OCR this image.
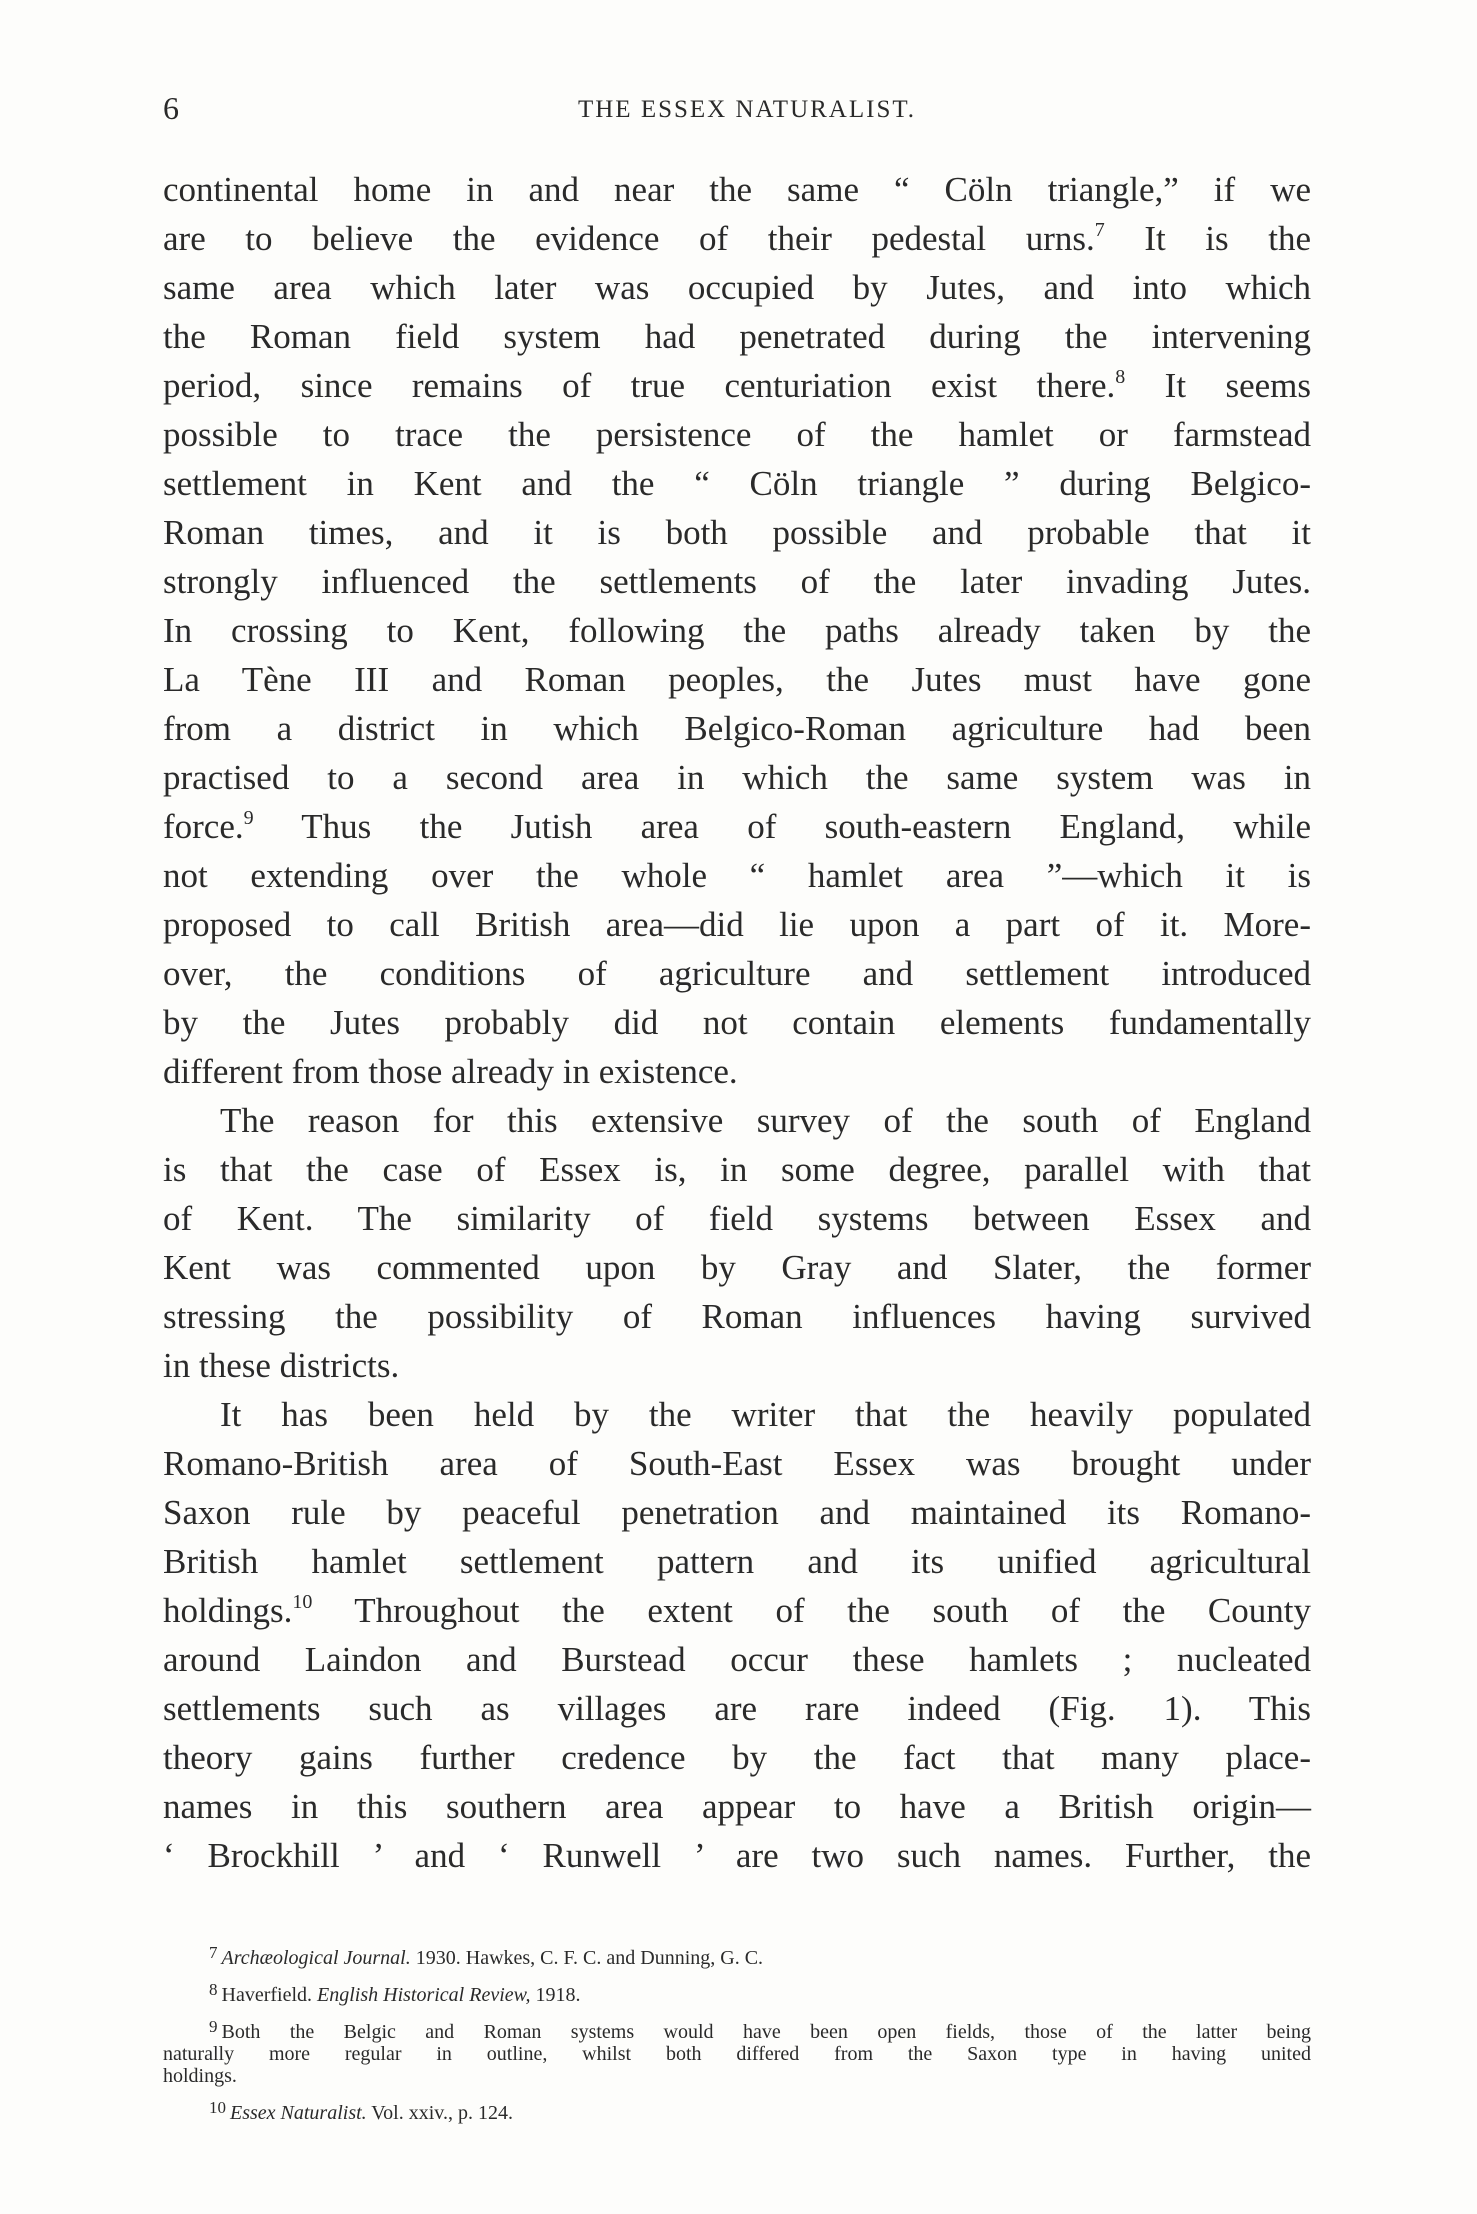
6	THE ESSEX NATURALIST.
continental home in and near the same “ Cöln triangle,” if we
are to believe the evidence of their pedestal urns.$^7$ It is the
same area which later was occupied by Jutes, and into which
the Roman field system had penetrated during the intervening
period, since remains of true centuriation exist there.$^8$ It seems
possible to trace the persistence of the hamlet or farmstead
settlement in Kent and the “ Cöln triangle ” during Belgico-
Roman times, and it is both possible and probable that it
strongly influenced the settlements of the later invading Jutes.
In crossing to Kent, following the paths already taken by the
La Tène III and Roman peoples, the Jutes must have gone
from a district in which Belgico-Roman agriculture had been
practised to a second area in which the same system was in
force.$^9$ Thus the Jutish area of south-eastern England, while
not extending over the whole “ hamlet area ”—which it is
proposed to call British area—did lie upon a part of it. More-
over, the conditions of agriculture and settlement introduced
by the Jutes probably did not contain elements fundamentally
different from those already in existence.
The reason for this extensive survey of the south of England
is that the case of Essex is, in some degree, parallel with that
of Kent. The similarity of field systems between Essex and
Kent was commented upon by Gray and Slater, the former
stressing the possibility of Roman influences having survived
in these districts.
It has been held by the writer that the heavily populated
Romano-British area of South-East Essex was brought under
Saxon rule by peaceful penetration and maintained its Romano-
British hamlet settlement pattern and its unified agricultural
holdings.$^{10}$ Throughout the extent of the south of the County
around Laindon and Burstead occur these hamlets ; nucleated
settlements such as villages are rare indeed (Fig. 1). This
theory gains further credence by the fact that many place-
names in this southern area appear to have a British origin—
‘ Brockhill ’ and ‘ Runwell ’ are two such names. Further, the
$^7$ Archæological Journal. 1930. Hawkes, C. F. C. and Dunning, G. C.
$^8$ Haverfield. English Historical Review, 1918.
$^9$ Both the Belgic and Roman systems would have been open fields, those of the latter being
naturally more regular in outline, whilst both differed from the Saxon type in having united
holdings.
$^{10}$ Essex Naturalist. Vol. xxiv., p. 124.
